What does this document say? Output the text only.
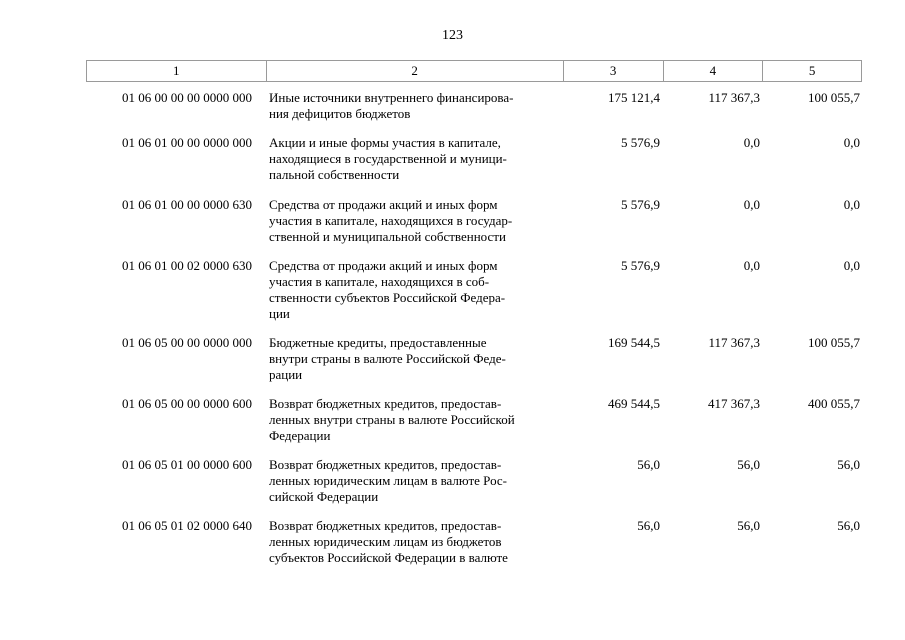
123
1	2	3	4	5
01 06 00 00 00 0000 000	Иные источники внутреннего финансирова-
ния дефицитов бюджетов
175 121,4	117 367,3	100 055,7
01 06 01 00 00 0000 000	Акции и иные формы участия в капитале,
находящиеся в государственной и муници-
пальной собственности
5 576,9	0,0	0,0
01 06 01 00 00 0000 630	Средства от продажи акций и иных форм
участия в капитале, находящихся в государ-
ственной и муниципальной собственности
5 576,9	0,0	0,0
01 06 01 00 02 0000 630	Средства от продажи акций и иных форм
участия в капитале, находящихся в соб-
ственности субъектов Российской Федера-
ции
5 576,9	0,0	0,0
01 06 05 00 00 0000 000	Бюджетные кредиты, предоставленные
внутри страны в валюте Российской Феде-
рации
169 544,5	117 367,3	100 055,7
01 06 05 00 00 0000 600	Возврат бюджетных кредитов, предостав-
ленных внутри страны в валюте Российской
Федерации
469 544,5	417 367,3	400 055,7
01 06 05 01 00 0000 600	Возврат бюджетных кредитов, предостав-
ленных юридическим лицам в валюте Рос-
сийской Федерации
56,0	56,0	56,0
01 06 05 01 02 0000 640	Возврат бюджетных кредитов, предостав-
ленных юридическим лицам из бюджетов
субъектов Российской Федерации в валюте
56,0	56,0	56,0
